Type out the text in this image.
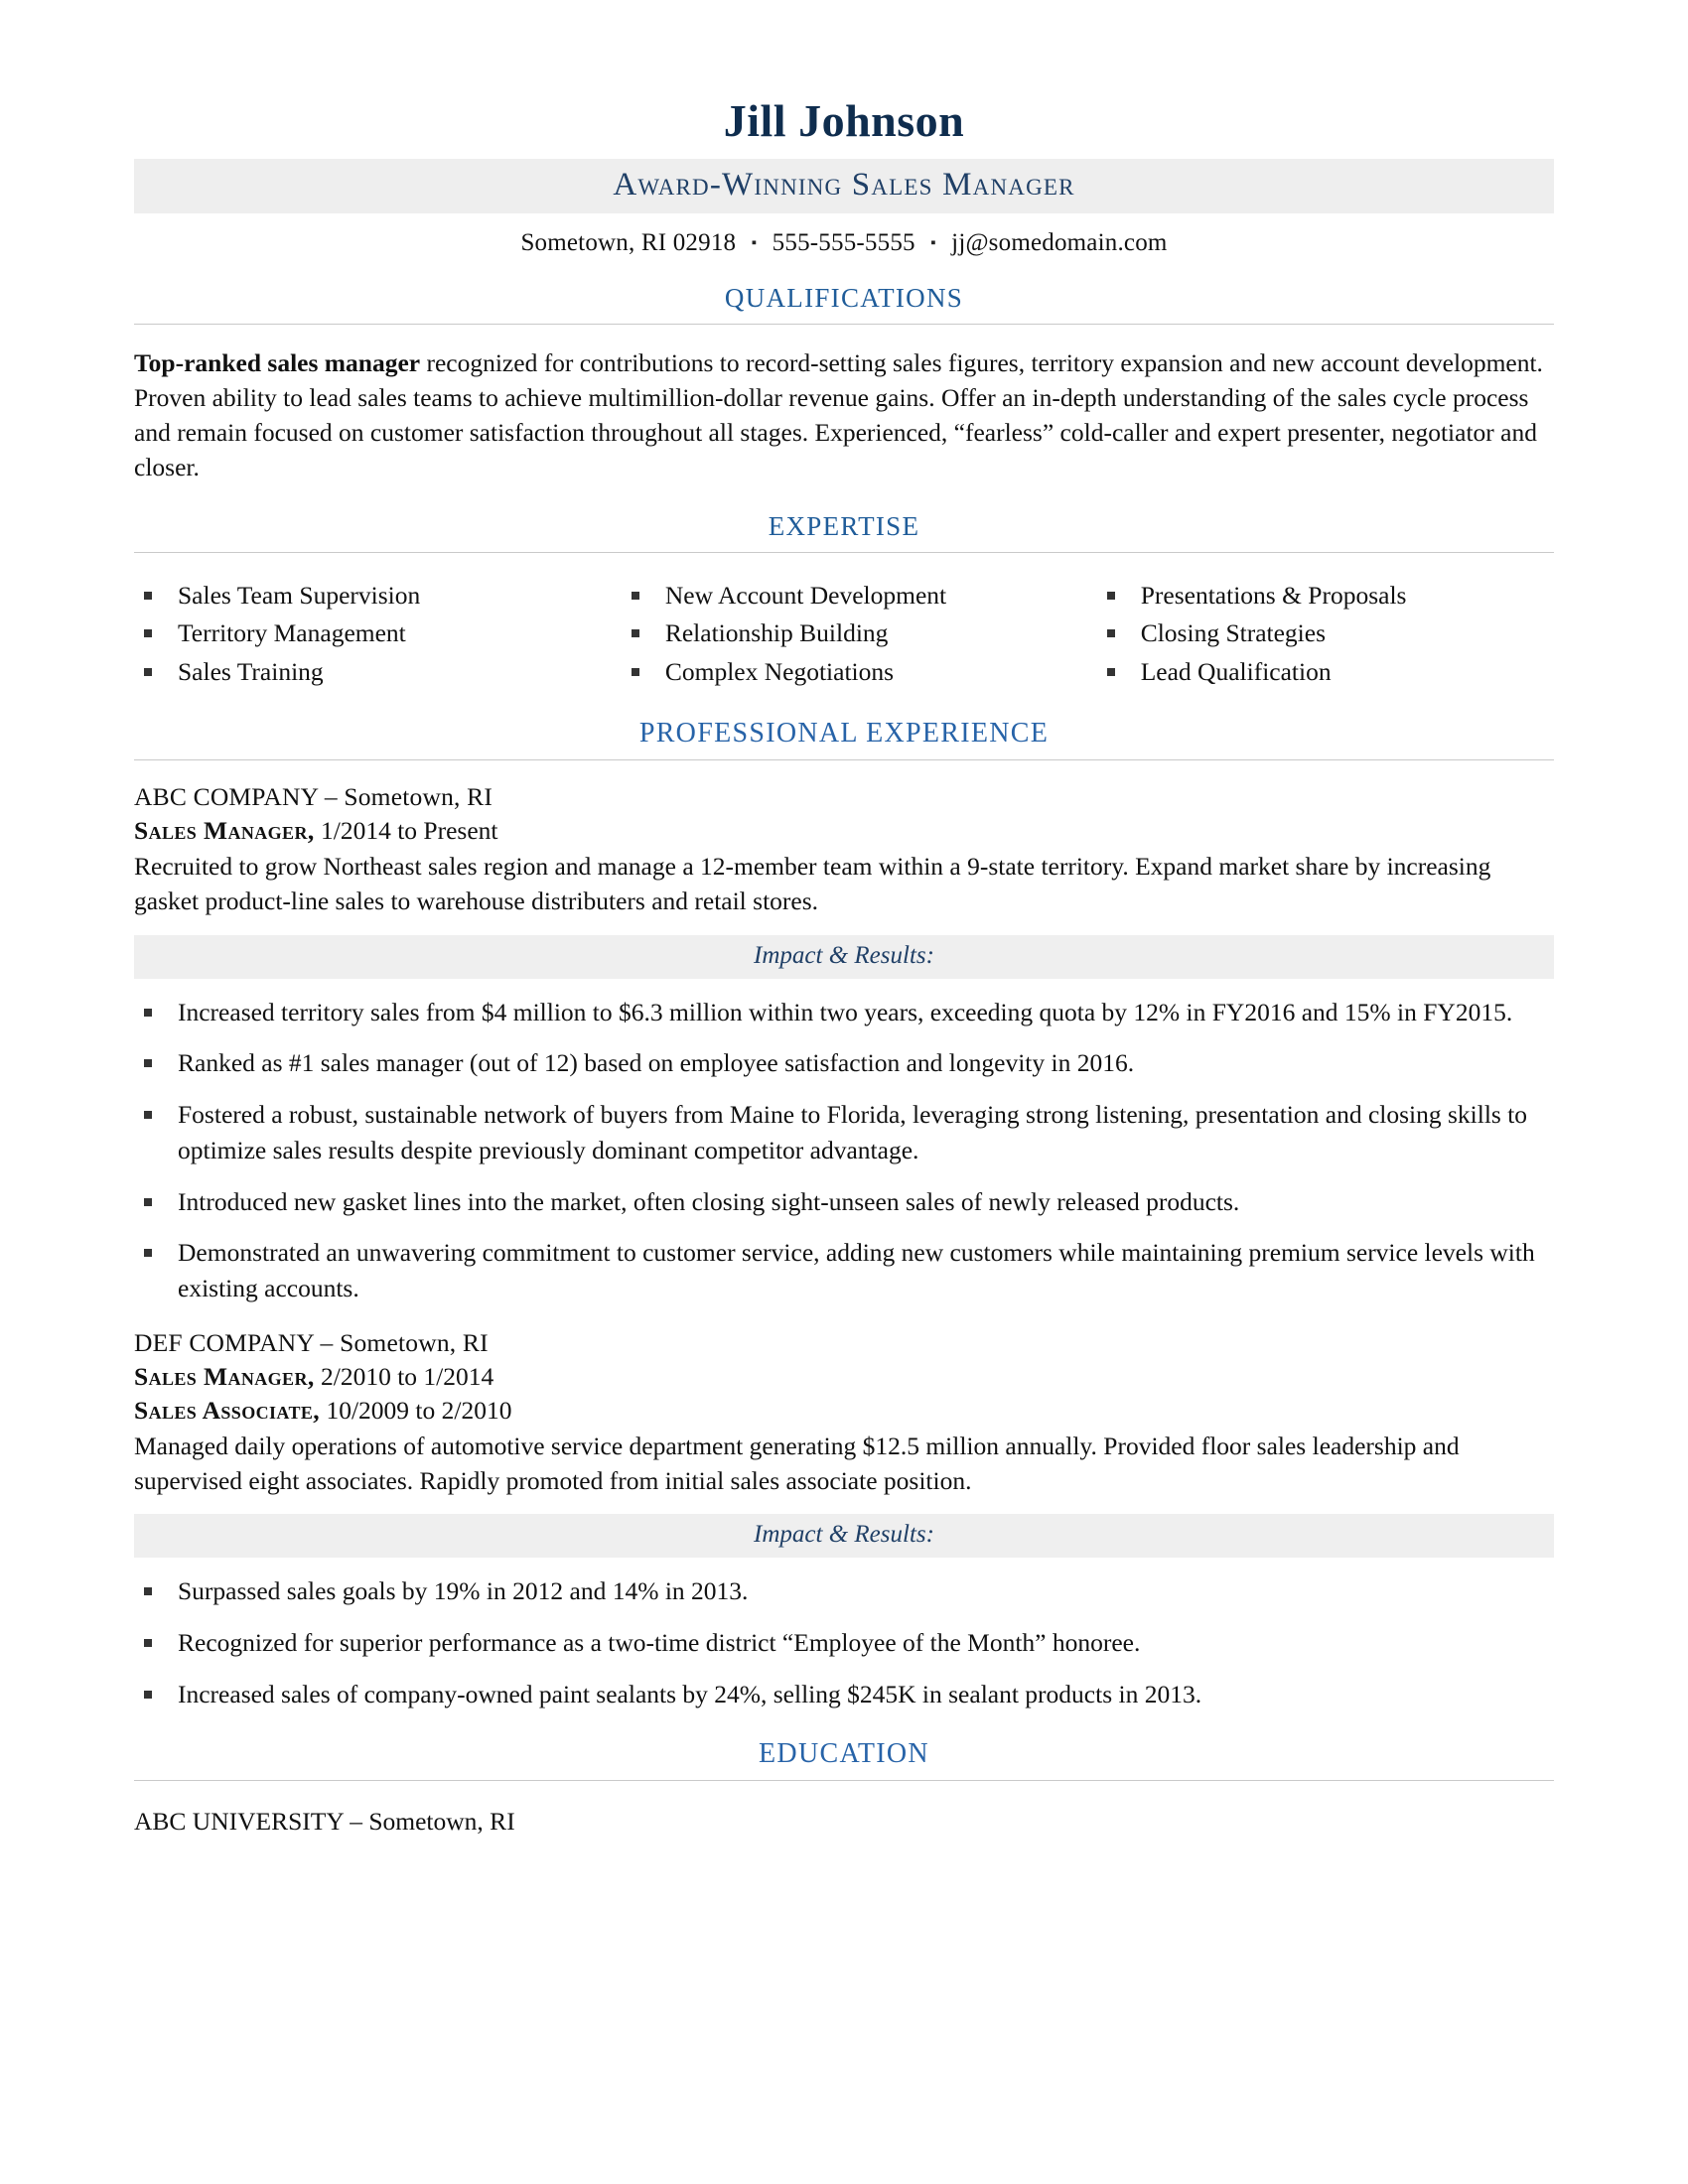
Jill Johnson
Award-Winning Sales Manager
Sometown, RI 02918 ▪ 555-555-5555 ▪ jj@somedomain.com
QUALIFICATIONS
Top-ranked sales manager recognized for contributions to record-setting sales figures, territory expansion and new account development. Proven ability to lead sales teams to achieve multimillion-dollar revenue gains. Offer an in-depth understanding of the sales cycle process and remain focused on customer satisfaction throughout all stages. Experienced, “fearless” cold-caller and expert presenter, negotiator and closer.
EXPERTISE
Sales Team Supervision
Territory Management
Sales Training
New Account Development
Relationship Building
Complex Negotiations
Presentations & Proposals
Closing Strategies
Lead Qualification
PROFESSIONAL EXPERIENCE
ABC COMPANY – Sometown, RI
Sales Manager, 1/2014 to Present
Recruited to grow Northeast sales region and manage a 12-member team within a 9-state territory. Expand market share by increasing gasket product-line sales to warehouse distributers and retail stores.
Impact & Results:
Increased territory sales from $4 million to $6.3 million within two years, exceeding quota by 12% in FY2016 and 15% in FY2015.
Ranked as #1 sales manager (out of 12) based on employee satisfaction and longevity in 2016.
Fostered a robust, sustainable network of buyers from Maine to Florida, leveraging strong listening, presentation and closing skills to optimize sales results despite previously dominant competitor advantage.
Introduced new gasket lines into the market, often closing sight-unseen sales of newly released products.
Demonstrated an unwavering commitment to customer service, adding new customers while maintaining premium service levels with existing accounts.
DEF COMPANY – Sometown, RI
Sales Manager, 2/2010 to 1/2014
Sales Associate, 10/2009 to 2/2010
Managed daily operations of automotive service department generating $12.5 million annually. Provided floor sales leadership and supervised eight associates. Rapidly promoted from initial sales associate position.
Impact & Results:
Surpassed sales goals by 19% in 2012 and 14% in 2013.
Recognized for superior performance as a two-time district “Employee of the Month” honoree.
Increased sales of company-owned paint sealants by 24%, selling $245K in sealant products in 2013.
EDUCATION
ABC UNIVERSITY – Sometown, RI
